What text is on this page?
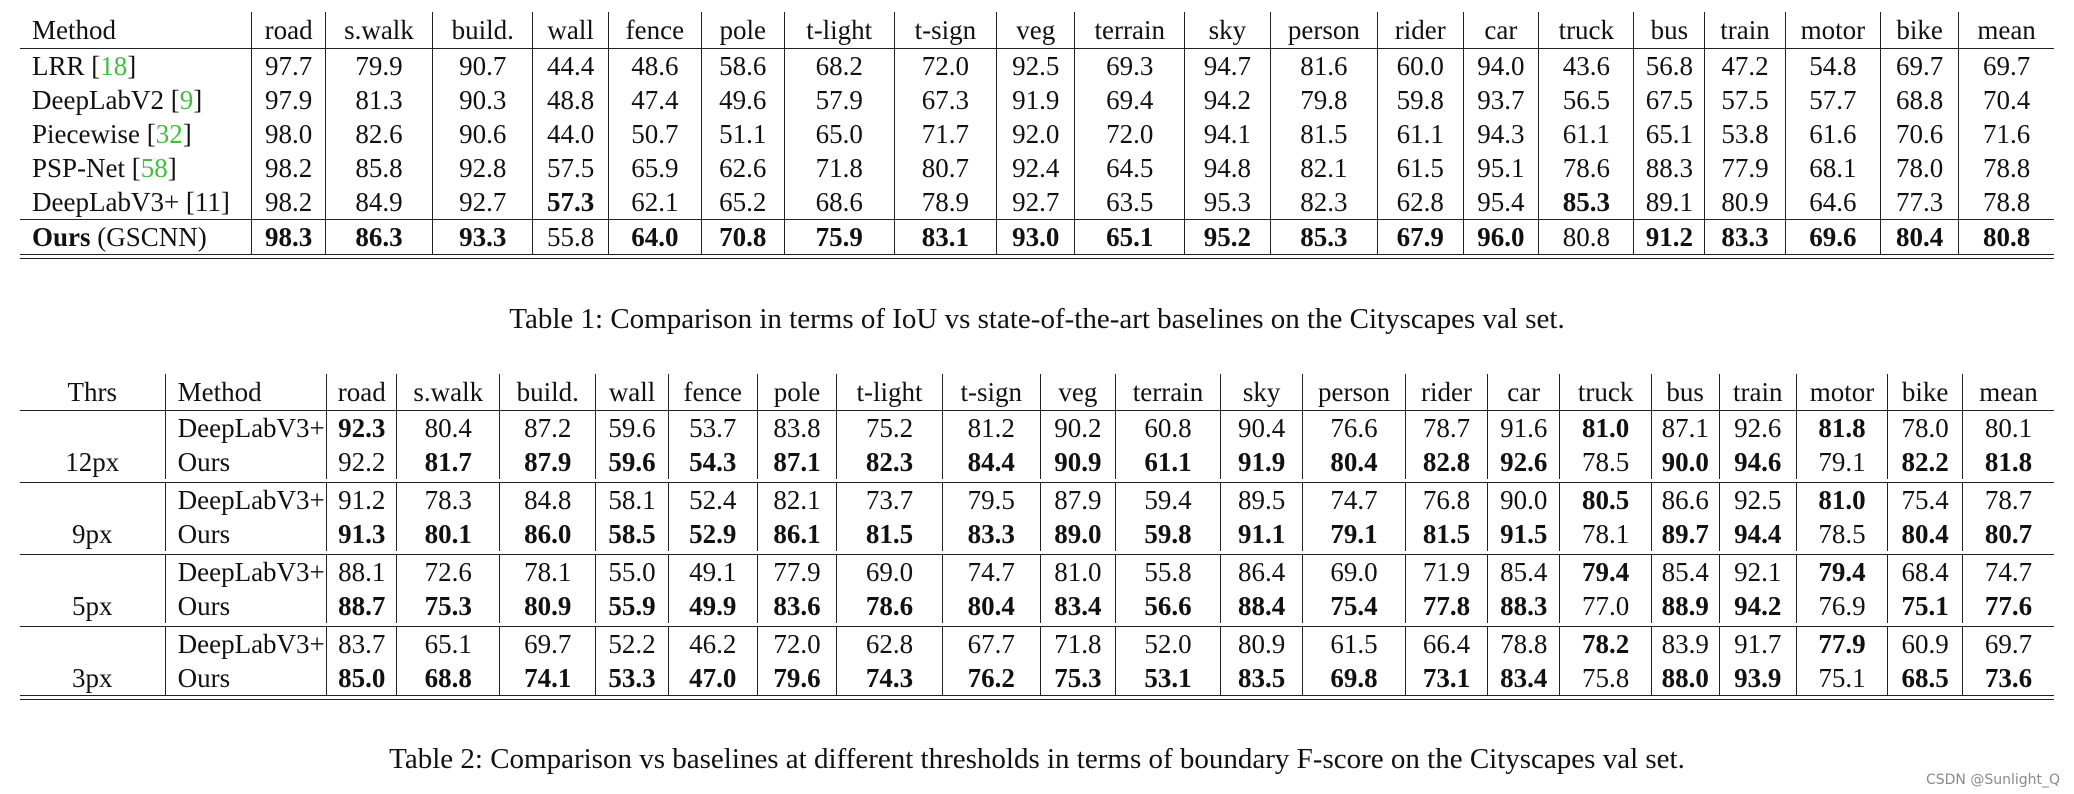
Method	road	s.walk	build.	wall	fence	pole	t-light	t-sign	veg	terrain	sky	person	rider	car	truck	bus	train	motor	bike	mean
LRR [18]	97.7	79.9	90.7	44.4	48.6	58.6	68.2	72.0	92.5	69.3	94.7	81.6	60.0	94.0	43.6	56.8	47.2	54.8	69.7	69.7
DeepLabV2 [9]	97.9	81.3	90.3	48.8	47.4	49.6	57.9	67.3	91.9	69.4	94.2	79.8	59.8	93.7	56.5	67.5	57.5	57.7	68.8	70.4
Piecewise [32]	98.0	82.6	90.6	44.0	50.7	51.1	65.0	71.7	92.0	72.0	94.1	81.5	61.1	94.3	61.1	65.1	53.8	61.6	70.6	71.6
PSP-Net [58]	98.2	85.8	92.8	57.5	65.9	62.6	71.8	80.7	92.4	64.5	94.8	82.1	61.5	95.1	78.6	88.3	77.9	68.1	78.0	78.8
DeepLabV3+ [11]	98.2	84.9	92.7	57.3	62.1	65.2	68.6	78.9	92.7	63.5	95.3	82.3	62.8	95.4	85.3	89.1	80.9	64.6	77.3	78.8
Ours (GSCNN)	98.3	86.3	93.3	55.8	64.0	70.8	75.9	83.1	93.0	65.1	95.2	85.3	67.9	96.0	80.8	91.2	83.3	69.6	80.4	80.8
Table 1: Comparison in terms of IoU vs state-of-the-art baselines on the Cityscapes val set.
Thrs	Method	road	s.walk	build.	wall	fence	pole	t-light	t-sign	veg	terrain	sky	person	rider	car	truck	bus	train	motor	bike	mean
12px	DeepLabV3+	92.3	80.4	87.2	59.6	53.7	83.8	75.2	81.2	90.2	60.8	90.4	76.6	78.7	91.6	81.0	87.1	92.6	81.8	78.0	80.1
	Ours	92.2	81.7	87.9	59.6	54.3	87.1	82.3	84.4	90.9	61.1	91.9	80.4	82.8	92.6	78.5	90.0	94.6	79.1	82.2	81.8

9px	DeepLabV3+	91.2	78.3	84.8	58.1	52.4	82.1	73.7	79.5	87.9	59.4	89.5	74.7	76.8	90.0	80.5	86.6	92.5	81.0	75.4	78.7
	Ours	91.3	80.1	86.0	58.5	52.9	86.1	81.5	83.3	89.0	59.8	91.1	79.1	81.5	91.5	78.1	89.7	94.4	78.5	80.4	80.7

5px	DeepLabV3+	88.1	72.6	78.1	55.0	49.1	77.9	69.0	74.7	81.0	55.8	86.4	69.0	71.9	85.4	79.4	85.4	92.1	79.4	68.4	74.7
	Ours	88.7	75.3	80.9	55.9	49.9	83.6	78.6	80.4	83.4	56.6	88.4	75.4	77.8	88.3	77.0	88.9	94.2	76.9	75.1	77.6

3px	DeepLabV3+	83.7	65.1	69.7	52.2	46.2	72.0	62.8	67.7	71.8	52.0	80.9	61.5	66.4	78.8	78.2	83.9	91.7	77.9	60.9	69.7
	Ours	85.0	68.8	74.1	53.3	47.0	79.6	74.3	76.2	75.3	53.1	83.5	69.8	73.1	83.4	75.8	88.0	93.9	75.1	68.5	73.6
Table 2: Comparison vs baselines at different thresholds in terms of boundary F-score on the Cityscapes val set.
CSDN @Sunlight_Q
